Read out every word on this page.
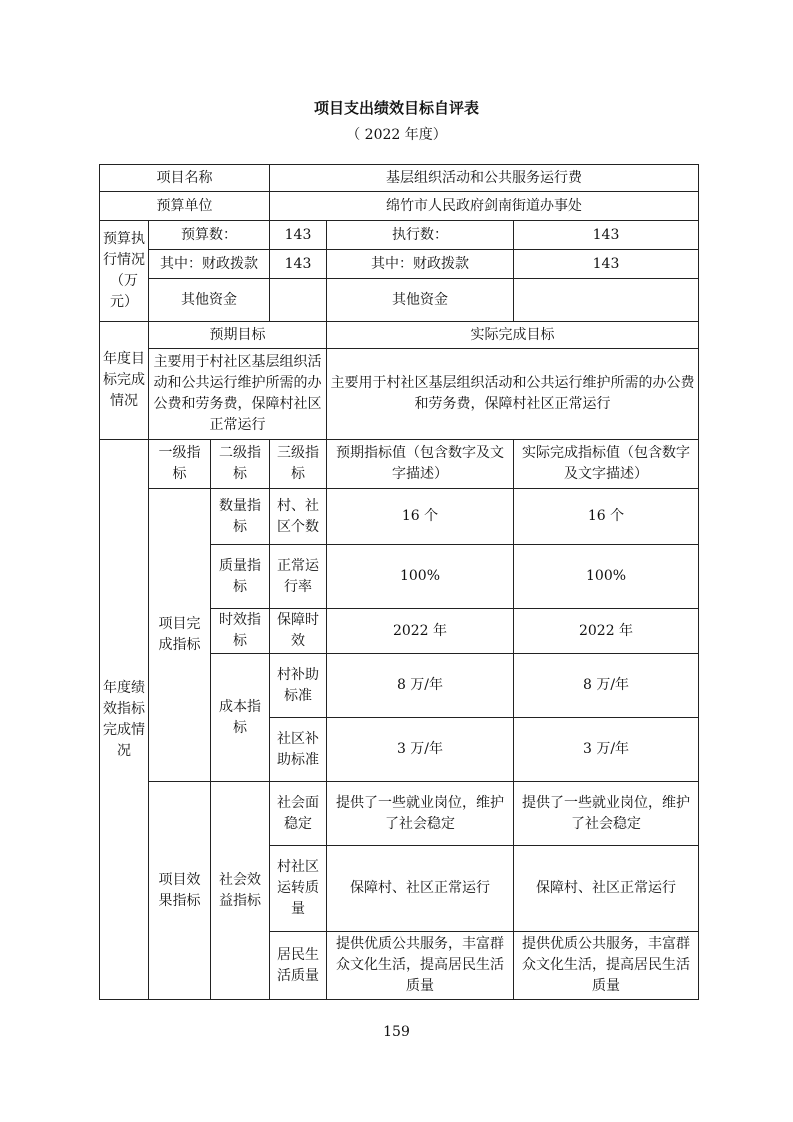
项目支出绩效目标自评表
（ 2022 年度）
项目名称			基层组织活动和公共服务运行费		
预算单位			绵竹市人民政府剑南街道办事处		
预算执行情况（万元）	预算数：		143	执行数：	143
	其中：财政拨款		143	其中：财政拨款	143
	其他资金			其他资金	
年度目标完成情况	预期目标			实际完成目标	
	主要用于村社区基层组织活动和公共运行维护所需的办公费和劳务费，保障村社区正常运行			主要用于村社区基层组织活动和公共运行维护所需的办公费和劳务费，保障村社区正常运行	
年度绩效指标完成情况	一级指标	二级指标	三级指标	预期指标值（包含数字及文字描述）	实际完成指标值（包含数字及文字描述）
	项目完成指标	数量指标	村、社区个数	16 个	16 个
		质量指标	正常运行率	100%	100%
		时效指标	保障时效	2022 年	2022 年
		成本指标	村补助标准	8 万/年	8 万/年
			社区补助标准	3 万/年	3 万/年
	项目效果指标	社会效益指标	社会面稳定	提供了一些就业岗位，维护了社会稳定	提供了一些就业岗位，维护了社会稳定
			村社区运转质量	保障村、社区正常运行	保障村、社区正常运行
			居民生活质量	提供优质公共服务，丰富群众文化生活，提高居民生活质量	提供优质公共服务，丰富群众文化生活，提高居民生活质量
159
